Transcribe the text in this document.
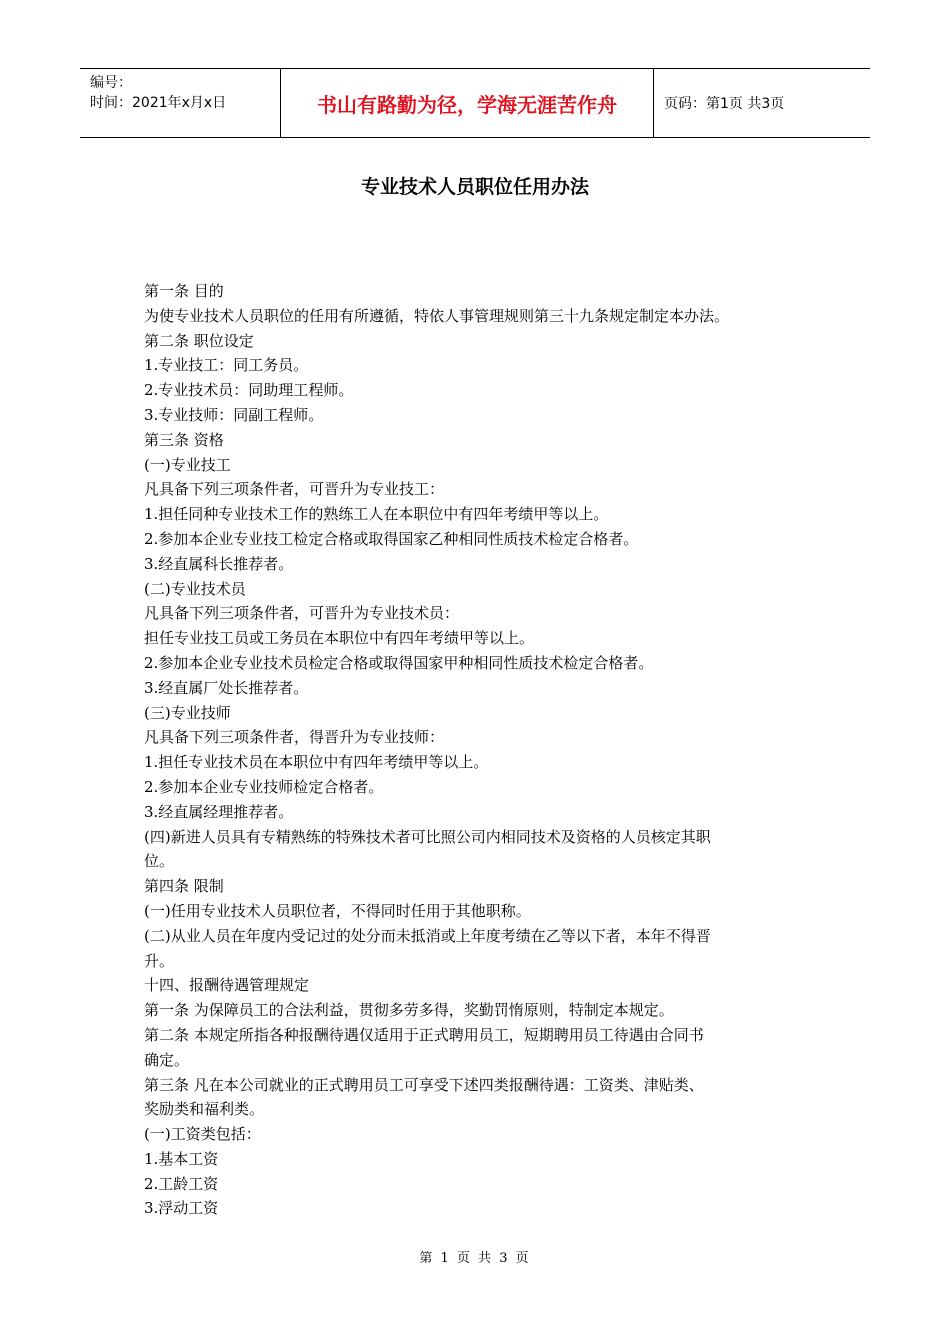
编号：
时间：2021年x月x日	书山有路勤为径，学海无涯苦作舟	页码：第1页 共3页
专业技术人员职位任用办法

第一条 目的

为使专业技术人员职位的任用有所遵循，特依人事管理规则第三十九条规定制定本办法。

第二条 职位设定

1.专业技工：同工务员。

2.专业技术员：同助理工程师。

3.专业技师：同副工程师。

第三条 资格

(一)专业技工

凡具备下列三项条件者，可晋升为专业技工：

1.担任同种专业技术工作的熟练工人在本职位中有四年考绩甲等以上。

2.参加本企业专业技工检定合格或取得国家乙种相同性质技术检定合格者。

3.经直属科长推荐者。

(二)专业技术员

凡具备下列三项条件者，可晋升为专业技术员：

担任专业技工员或工务员在本职位中有四年考绩甲等以上。

2.参加本企业专业技术员检定合格或取得国家甲种相同性质技术检定合格者。

3.经直属厂处长推荐者。

(三)专业技师

凡具备下列三项条件者，得晋升为专业技师：

1.担任专业技术员在本职位中有四年考绩甲等以上。

2.参加本企业专业技师检定合格者。

3.经直属经理推荐者。

(四)新进人员具有专精熟练的特殊技术者可比照公司内相同技术及资格的人员核定其职

位。

第四条 限制

(一)任用专业技术人员职位者，不得同时任用于其他职称。

(二)从业人员在年度内受记过的处分而未抵消或上年度考绩在乙等以下者，本年不得晋

升。

十四、报酬待遇管理规定

第一条 为保障员工的合法利益，贯彻多劳多得，奖勤罚惰原则，特制定本规定。

第二条 本规定所指各种报酬待遇仅适用于正式聘用员工，短期聘用员工待遇由合同书

确定。

第三条 凡在本公司就业的正式聘用员工可享受下述四类报酬待遇：工资类、津贴类、

奖励类和福利类。

(一)工资类包括：

1.基本工资

2.工龄工资

3.浮动工资

第 1 页 共 3 页
